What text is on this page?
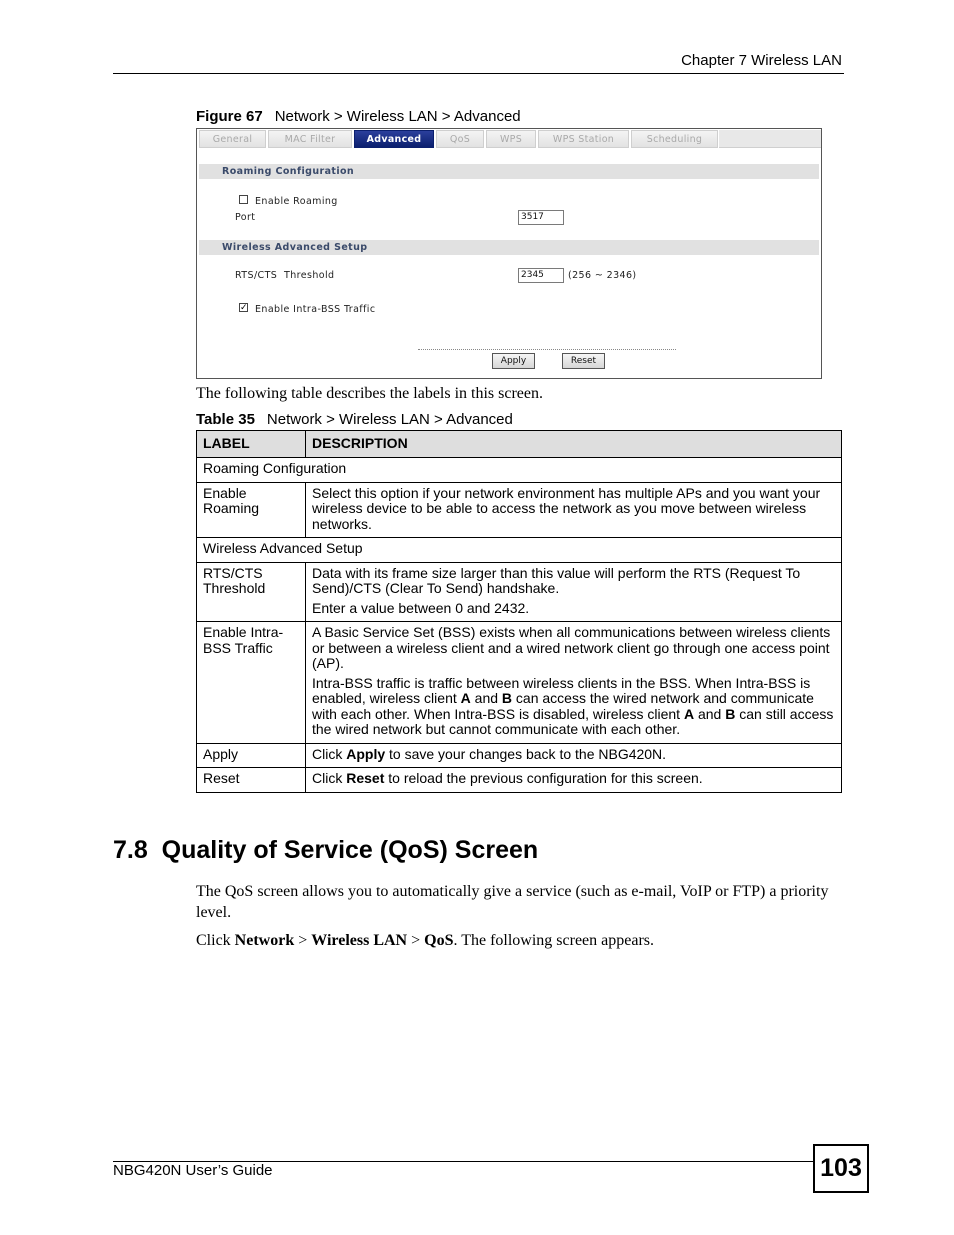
Chapter 7 Wireless LAN
Figure 67 Network > Wireless LAN > Advanced
General	MAC Filter	Advanced	QoS	WPS	WPS Station	Scheduling
Roaming Configuration
Enable Roaming
Port	3517
Wireless Advanced Setup
RTS/CTS  Threshold	2345	(256 ~ 2346)
✓ Enable Intra-BSS Traffic
Apply	Reset
The following table describes the labels in this screen.
Table 35 Network > Wireless LAN > Advanced
LABEL	DESCRIPTION
Roaming Configuration	
Enable Roaming	Select this option if your network environment has multiple APs and you want your wireless device to be able to access the network as you move between wireless networks.
Wireless Advanced Setup	
RTS/CTS Threshold	Data with its frame size larger than this value will perform the RTS (Request To Send)/CTS (Clear To Send) handshake.

Enter a value between 0 and 2432.

Enable Intra-BSS Traffic	A Basic Service Set (BSS) exists when all communications between wireless clients or between a wireless client and a wired network client go through one access point (AP).

Intra-BSS traffic is traffic between wireless clients in the BSS. When Intra-BSS is enabled, wireless client A and B can access the wired network and communicate with each other. When Intra-BSS is disabled, wireless client A and B can still access the wired network but cannot communicate with each other.

Apply	Click Apply to save your changes back to the NBG420N.
Reset	Click Reset to reload the previous configuration for this screen.
7.8  Quality of Service (QoS) Screen
The QoS screen allows you to automatically give a service (such as e-mail, VoIP or FTP) a priority level.
Click Network > Wireless LAN > QoS. The following screen appears.
NBG420N User’s Guide	103
